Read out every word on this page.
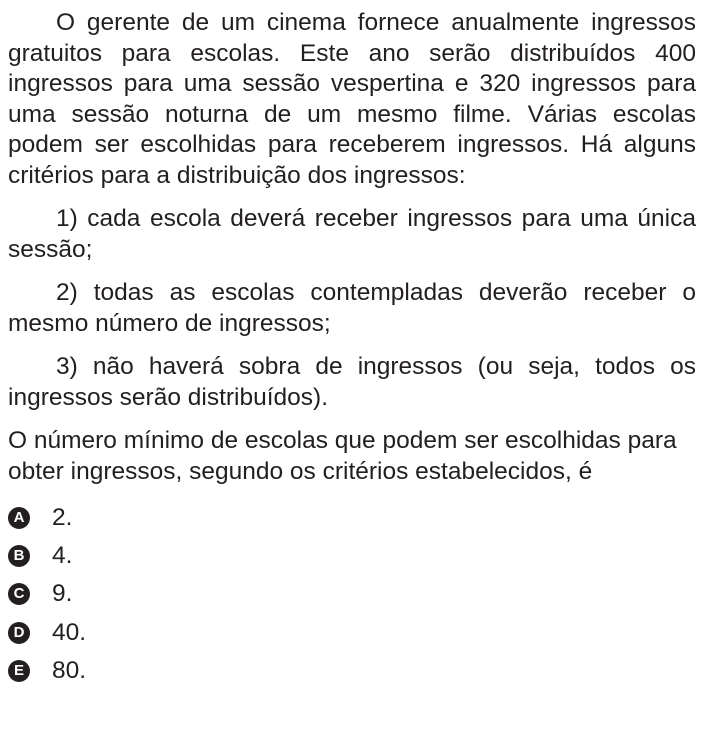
O gerente de um cinema fornece anualmente ingressos gratuitos para escolas. Este ano serão distribuídos 400 ingressos para uma sessão vespertina e 320 ingressos para uma sessão noturna de um mesmo filme. Várias escolas podem ser escolhidas para receberem ingressos. Há alguns critérios para a distribuição dos ingressos:

1) cada escola deverá receber ingressos para uma única sessão;

2) todas as escolas contempladas deverão receber o mesmo número de ingressos;

3) não haverá sobra de ingressos (ou seja, todos os ingressos serão distribuídos).

O número mínimo de escolas que podem ser escolhidas para obter ingressos, segundo os critérios estabelecidos, é

A 2.
B 4.
C 9.
D 40.
E 80.
